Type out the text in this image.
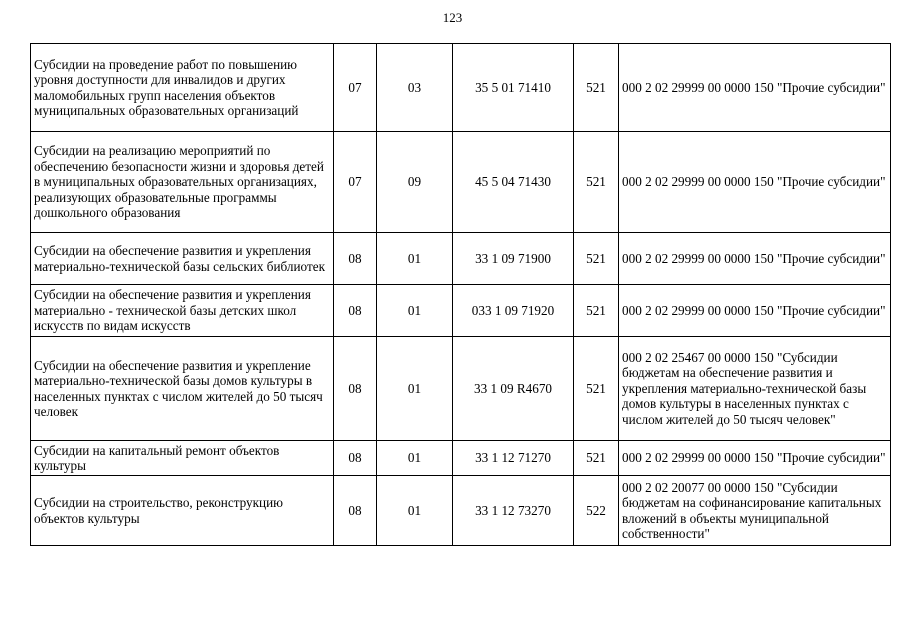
123
Субсидии на проведение работ по повышению уровня доступности для инвалидов и других маломобильных групп населения объектов муниципальных образовательных организаций	07	03	35 5 01 71410	521	000 2 02 29999 00 0000 150 "Прочие субсидии"
Субсидии на реализацию мероприятий по обеспечению безопасности жизни и здоровья детей в муниципальных образовательных организациях, реализующих образовательные программы дошкольного образования	07	09	45 5 04 71430	521	000 2 02 29999 00 0000 150 "Прочие субсидии"
Субсидии на обеспечение развития и укрепления материально-технической базы сельских библиотек	08	01	33 1 09 71900	521	000 2 02 29999 00 0000 150 "Прочие субсидии"
Субсидии на обеспечение развития и укрепления материально - технической базы детских школ искусств по видам искусств	08	01	033 1 09 71920	521	000 2 02 29999 00 0000 150 "Прочие субсидии"
Субсидии на обеспечение развития и укрепление материально-технической базы домов культуры в населенных пунктах с числом жителей до 50 тысяч человек	08	01	33 1 09 R4670	521	000 2 02 25467 00 0000 150 "Субсидии бюджетам на обеспечение развития и укрепления материально-технической базы домов культуры в населенных пунктах с числом жителей до 50 тысяч человек"
Субсидии на капитальный ремонт объектов культуры	08	01	33 1 12 71270	521	000 2 02 29999 00 0000 150 "Прочие субсидии"
Субсидии на строительство, реконструкцию объектов культуры	08	01	33 1 12 73270	522	000 2 02 20077 00 0000 150 "Субсидии бюджетам на софинансирование капитальных вложений в объекты муниципальной собственности"
